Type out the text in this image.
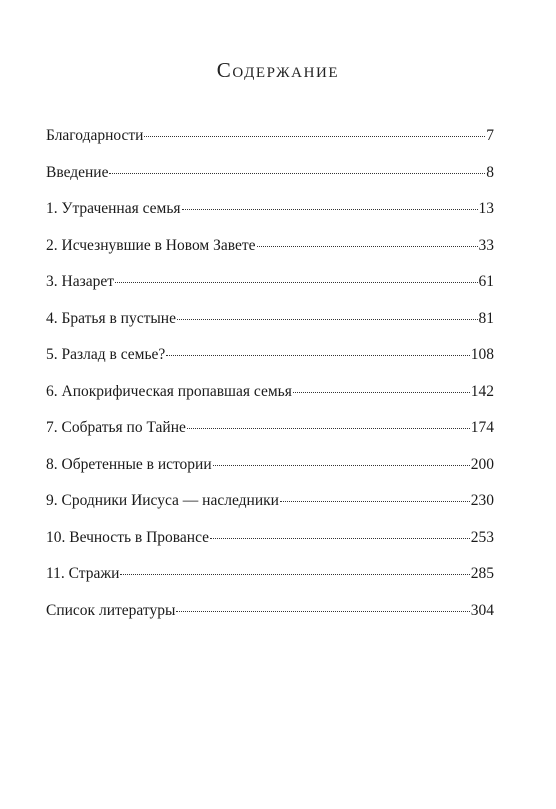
Содержание
Благодарности	7
Введение	8
1. Утраченная семья	13
2. Исчезнувшие в Новом Завете	33
3. Назарет	61
4. Братья в пустыне	81
5. Разлад в семье?	108
6. Апокрифическая пропавшая семья	142
7. Собратья по Тайне	174
8. Обретенные в истории	200
9. Сродники Иисуса — наследники	230
10. Вечность в Провансе	253
11. Стражи	285
Список литературы	304
